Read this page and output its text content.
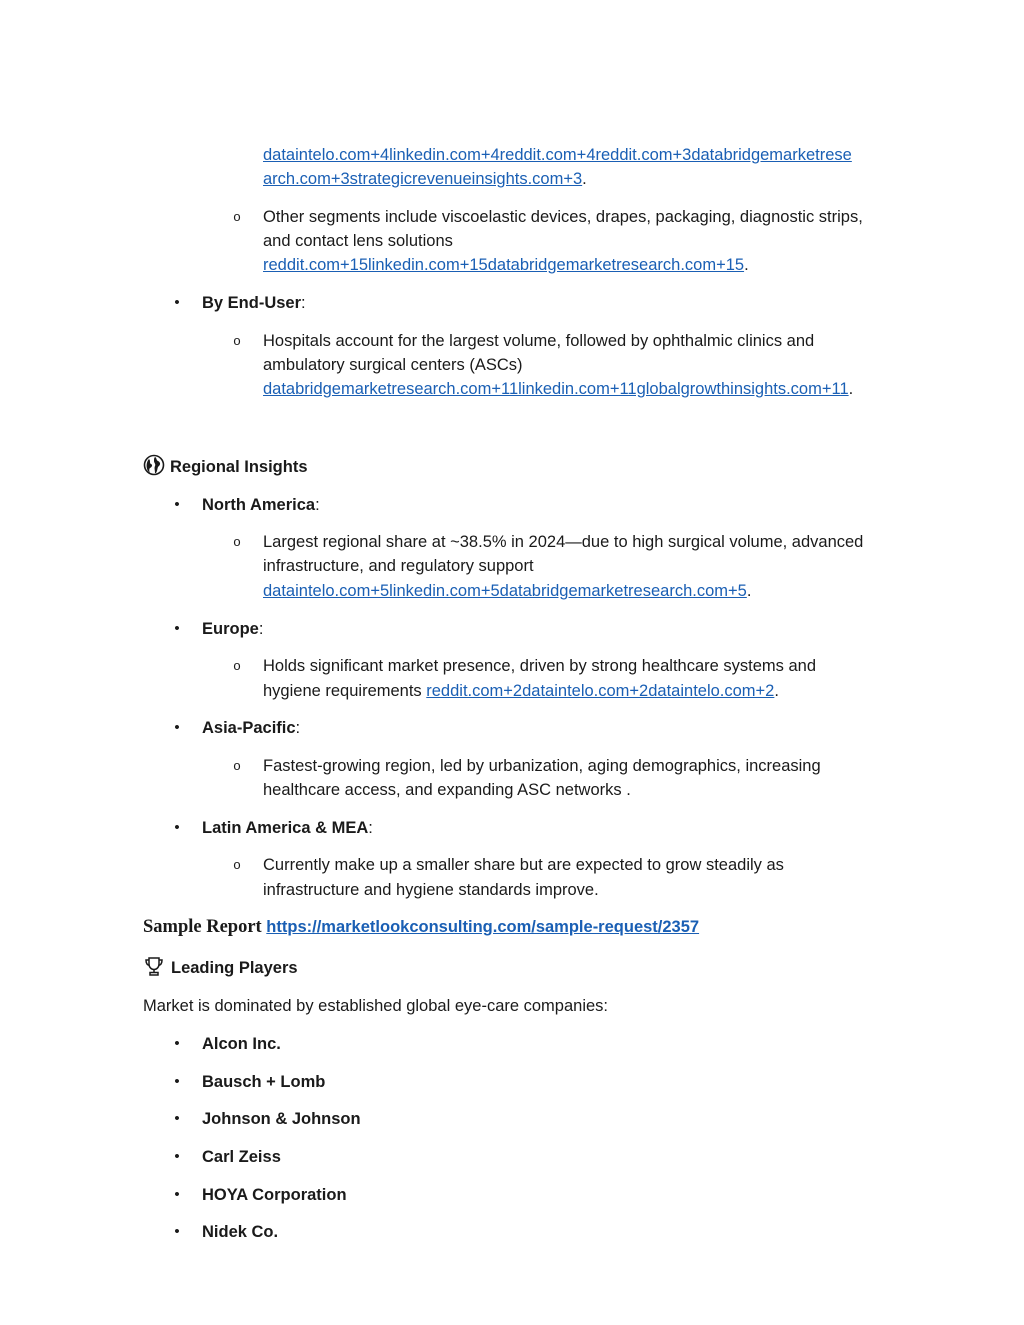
dataintelo.com+4linkedin.com+4reddit.com+4reddit.com+3databridgemarketrese
arch.com+3strategicrevenueinsights.com+3.
o Other segments include viscoelastic devices, drapes, packaging, diagnostic strips,
and contact lens solutions
reddit.com+15linkedin.com+15databridgemarketresearch.com+15.
• By End-User:
o Hospitals account for the largest volume, followed by ophthalmic clinics and
ambulatory surgical centers (ASCs)
databridgemarketresearch.com+11linkedin.com+11globalgrowthinsights.com+11.
Regional Insights
• North America:
o Largest regional share at ~38.5% in 2024—due to high surgical volume, advanced
infrastructure, and regulatory support
dataintelo.com+5linkedin.com+5databridgemarketresearch.com+5.
• Europe:
o Holds significant market presence, driven by strong healthcare systems and
hygiene requirements reddit.com+2dataintelo.com+2dataintelo.com+2.
• Asia-Pacific:
o Fastest-growing region, led by urbanization, aging demographics, increasing
healthcare access, and expanding ASC networks .
• Latin America & MEA:
o Currently make up a smaller share but are expected to grow steadily as
infrastructure and hygiene standards improve.
Sample Report https://marketlookconsulting.com/sample-request/2357
Leading Players
Market is dominated by established global eye-care companies:
• Alcon Inc.
• Bausch + Lomb
• Johnson & Johnson
• Carl Zeiss
• HOYA Corporation
• Nidek Co.
